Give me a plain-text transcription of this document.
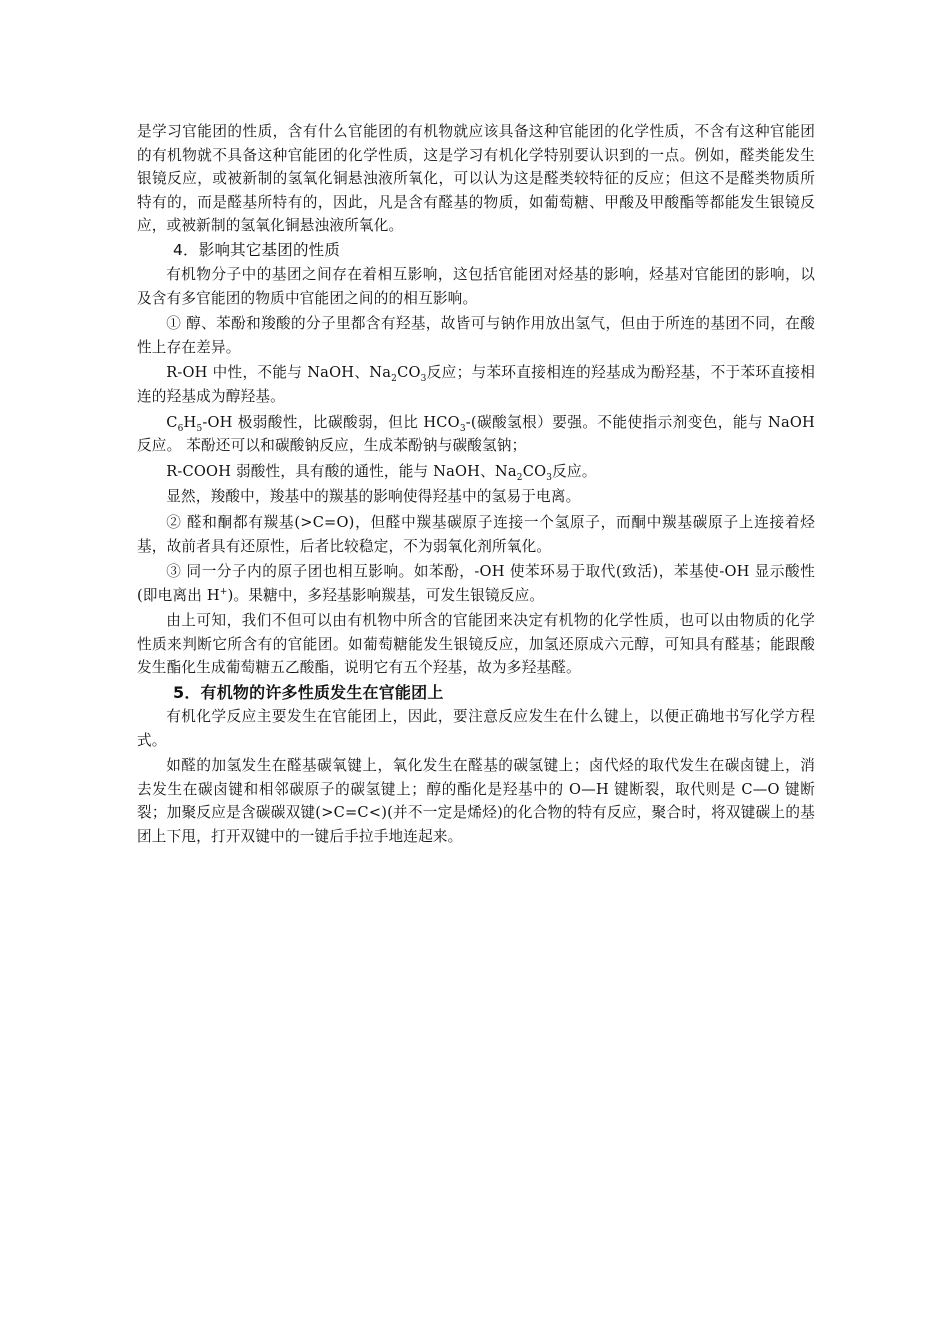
是学习官能团的性质，含有什么官能团的有机物就应该具备这种官能团的化学性质，不含有这种官能团的有机物就不具备这种官能团的化学性质，这是学习有机化学特别要认识到的一点。例如，醛类能发生银镜反应，或被新制的氢氧化铜悬浊液所氧化，可以认为这是醛类较特征的反应；但这不是醛类物质所特有的，而是醛基所特有的，因此，凡是含有醛基的物质，如葡萄糖、甲酸及甲酸酯等都能发生银镜反应，或被新制的氢氧化铜悬浊液所氧化。

4．影响其它基团的性质

有机物分子中的基团之间存在着相互影响，这包括官能团对烃基的影响，烃基对官能团的影响，以及含有多官能团的物质中官能团之间的的相互影响。

① 醇、苯酚和羧酸的分子里都含有羟基，故皆可与钠作用放出氢气，但由于所连的基团不同，在酸性上存在差异。

R-OH 中性，不能与 NaOH、$Na_2CO_3$反应；与苯环直接相连的羟基成为酚羟基，不于苯环直接相连的羟基成为醇羟基。

$C_6H_5-OH$ 极弱酸性，比碳酸弱，但比 $HCO_3-$(碳酸氢根）要强。不能使指示剂变色，能与 NaOH 反应。 苯酚还可以和碳酸钠反应，生成苯酚钠与碳酸氢钠；

R-COOH 弱酸性，具有酸的通性，能与 NaOH、$Na_2CO_3$反应。

显然，羧酸中，羧基中的羰基的影响使得羟基中的氢易于电离。

② 醛和酮都有羰基(>C=O)，但醛中羰基碳原子连接一个氢原子，而酮中羰基碳原子上连接着烃基，故前者具有还原性，后者比较稳定，不为弱氧化剂所氧化。

③ 同一分子内的原子团也相互影响。如苯酚，-OH 使苯环易于取代(致活)，苯基使-OH 显示酸性(即电离出 H+)。果糖中，多羟基影响羰基，可发生银镜反应。

由上可知，我们不但可以由有机物中所含的官能团来决定有机物的化学性质，也可以由物质的化学性质来判断它所含有的官能团。如葡萄糖能发生银镜反应，加氢还原成六元醇，可知具有醛基；能跟酸发生酯化生成葡萄糖五乙酸酯，说明它有五个羟基，故为多羟基醛。

5．有机物的许多性质发生在官能团上

有机化学反应主要发生在官能团上，因此，要注意反应发生在什么键上，以便正确地书写化学方程式。

如醛的加氢发生在醛基碳氧键上，氧化发生在醛基的碳氢键上；卤代烃的取代发生在碳卤键上，消去发生在碳卤键和相邻碳原子的碳氢键上；醇的酯化是羟基中的 O—H 键断裂，取代则是 C—O 键断裂；加聚反应是含碳碳双键(>C=C<)(并不一定是烯烃)的化合物的特有反应，聚合时，将双键碳上的基团上下甩，打开双键中的一键后手拉手地连起来。
